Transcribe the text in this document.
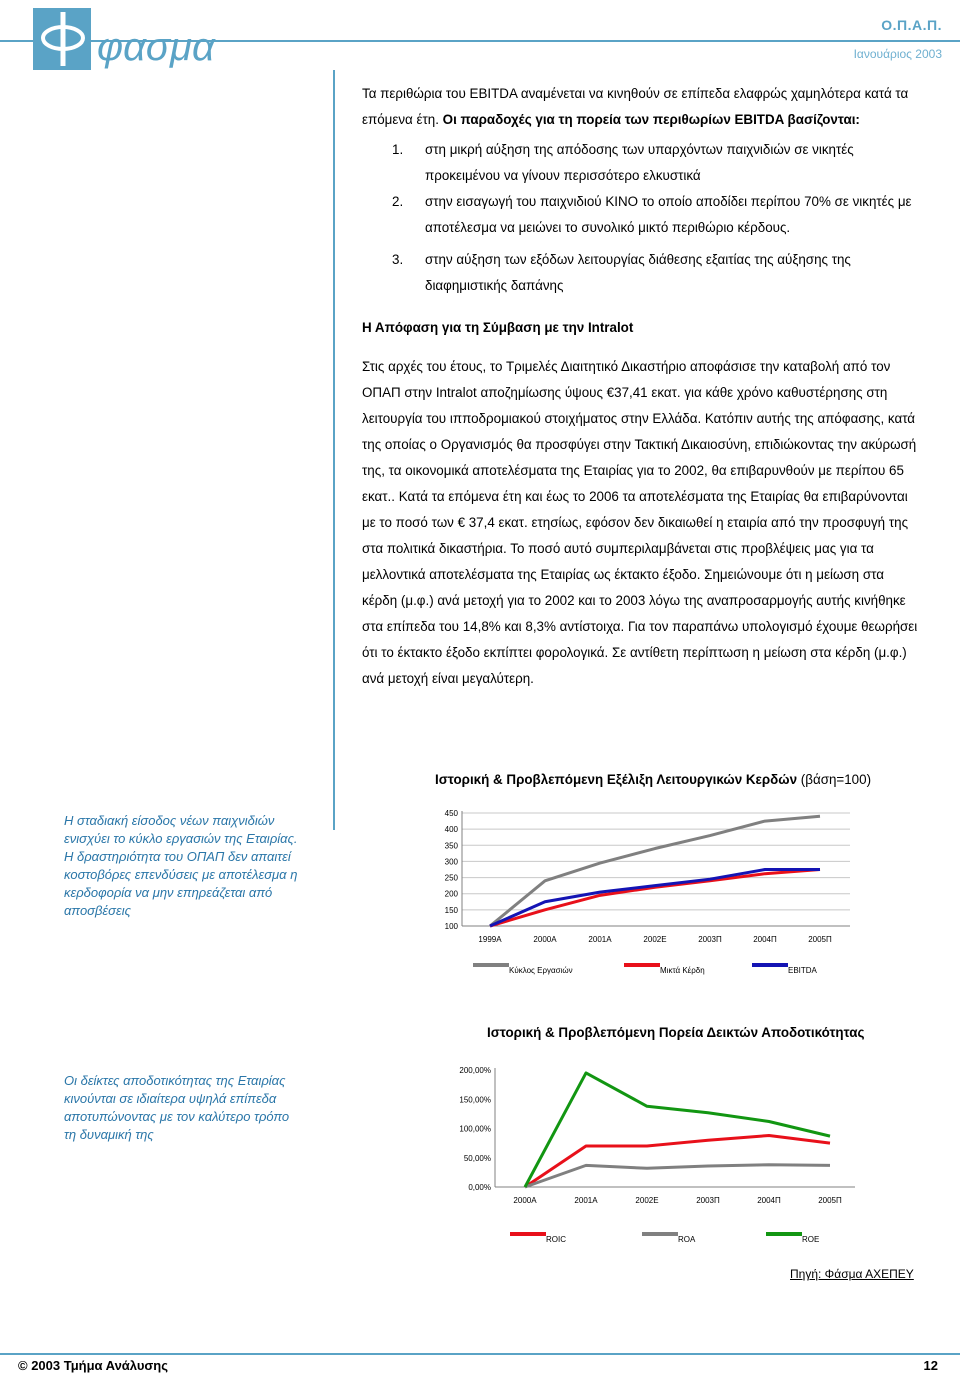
φασμα	Ο.Π.Α.Π.
Ιανουάριος 2003
Τα περιθώρια του EBITDA αναμένεται να κινηθούν σε επίπεδα ελαφρώς χαμηλότερα κατά τα επόμενα έτη. Οι παραδοχές για τη πορεία των περιθωρίων EBITDA βασίζονται:
1. στη μικρή αύξηση της απόδοσης των υπαρχόντων παιχνιδιών σε νικητές προκειμένου να γίνουν περισσότερο ελκυστικά
2. στην εισαγωγή του παιχνιδιού ΚΙΝΟ το οποίο αποδίδει περίπου 70% σε νικητές με αποτέλεσμα να μειώνει το συνολικό μικτό περιθώριο κέρδους.
3. στην αύξηση των εξόδων λειτουργίας διάθεσης εξαιτίας της αύξησης της διαφημιστικής δαπάνης
Η Απόφαση για τη Σύμβαση με την Intralot
Στις αρχές του έτους, το Τριμελές Διαιτητικό Δικαστήριο αποφάσισε την καταβολή από τον ΟΠΑΠ στην Intralot αποζημίωσης ύψους €37,41 εκατ. για κάθε χρόνο καθυστέρησης στη λειτουργία του ιπποδρομιακού στοιχήματος στην Ελλάδα. Κατόπιν αυτής της απόφασης, κατά της οποίας ο Οργανισμός θα προσφύγει στην Τακτική Δικαιοσύνη, επιδιώκοντας την ακύρωσή της, τα οικονομικά αποτελέσματα της Εταιρίας για το 2002, θα επιβαρυνθούν με περίπου 65 εκατ.. Κατά τα επόμενα έτη και έως το 2006 τα αποτελέσματα της Εταιρίας θα επιβαρύνονται με το ποσό των € 37,4 εκατ. ετησίως, εφόσον δεν δικαιωθεί η εταιρία από την προσφυγή της στα πολιτικά δικαστήρια. Το ποσό αυτό συμπεριλαμβάνεται στις προβλέψεις μας για τα μελλοντικά αποτελέσματα της Εταιρίας ως έκτακτο έξοδο. Σημειώνουμε ότι η μείωση στα κέρδη (μ.φ.) ανά μετοχή για το 2002 και το 2003 λόγω της αναπροσαρμογής αυτής κινήθηκε στα επίπεδα του 14,8% και 8,3% αντίστοιχα. Για τον παραπάνω υπολογισμό έχουμε θεωρήσει ότι το έκτακτο έξοδο εκπίπτει φορολογικά. Σε αντίθετη περίπτωση η μείωση στα κέρδη (μ.φ.) ανά μετοχή είναι μεγαλύτερη.
Η σταδιακή είσοδος νέων παιχνιδιών ενισχύει το κύκλο εργασιών της Εταιρίας. Η δραστηριότητα του ΟΠΑΠ δεν απαιτεί κοστοβόρες επενδύσεις με αποτέλεσμα η κερδοφορία να μην επηρεάζεται από αποσβέσεις
Οι δείκτες αποδοτικότητας της Εταιρίας κινούνται σε ιδιαίτερα υψηλά επίπεδα αποτυπώνοντας με τον καλύτερο τρόπο τη δυναμική της
Ιστορική & Προβλεπόμενη Εξέλιξη Λειτουργικών Κερδών (βάση=100)
Ιστορική & Προβλεπόμενη Πορεία Δεικτών Αποδοτικότητας
100
150
200
250
300
350
400
450
1999A	2000A	2001A	2002E	2003Π	2004Π	2005Π
Κύκλος Εργασιών	Μικτά Κέρδη	EBITDA
0,00%
50,00%
100,00%
150,00%
200,00%
2000A	2001A	2002E	2003Π	2004Π	2005Π
ROIC	ROA	ROE
Πηγή: Φάσμα ΑΧΕΠΕΥ
© 2003 Τμήμα Ανάλυσης	12
